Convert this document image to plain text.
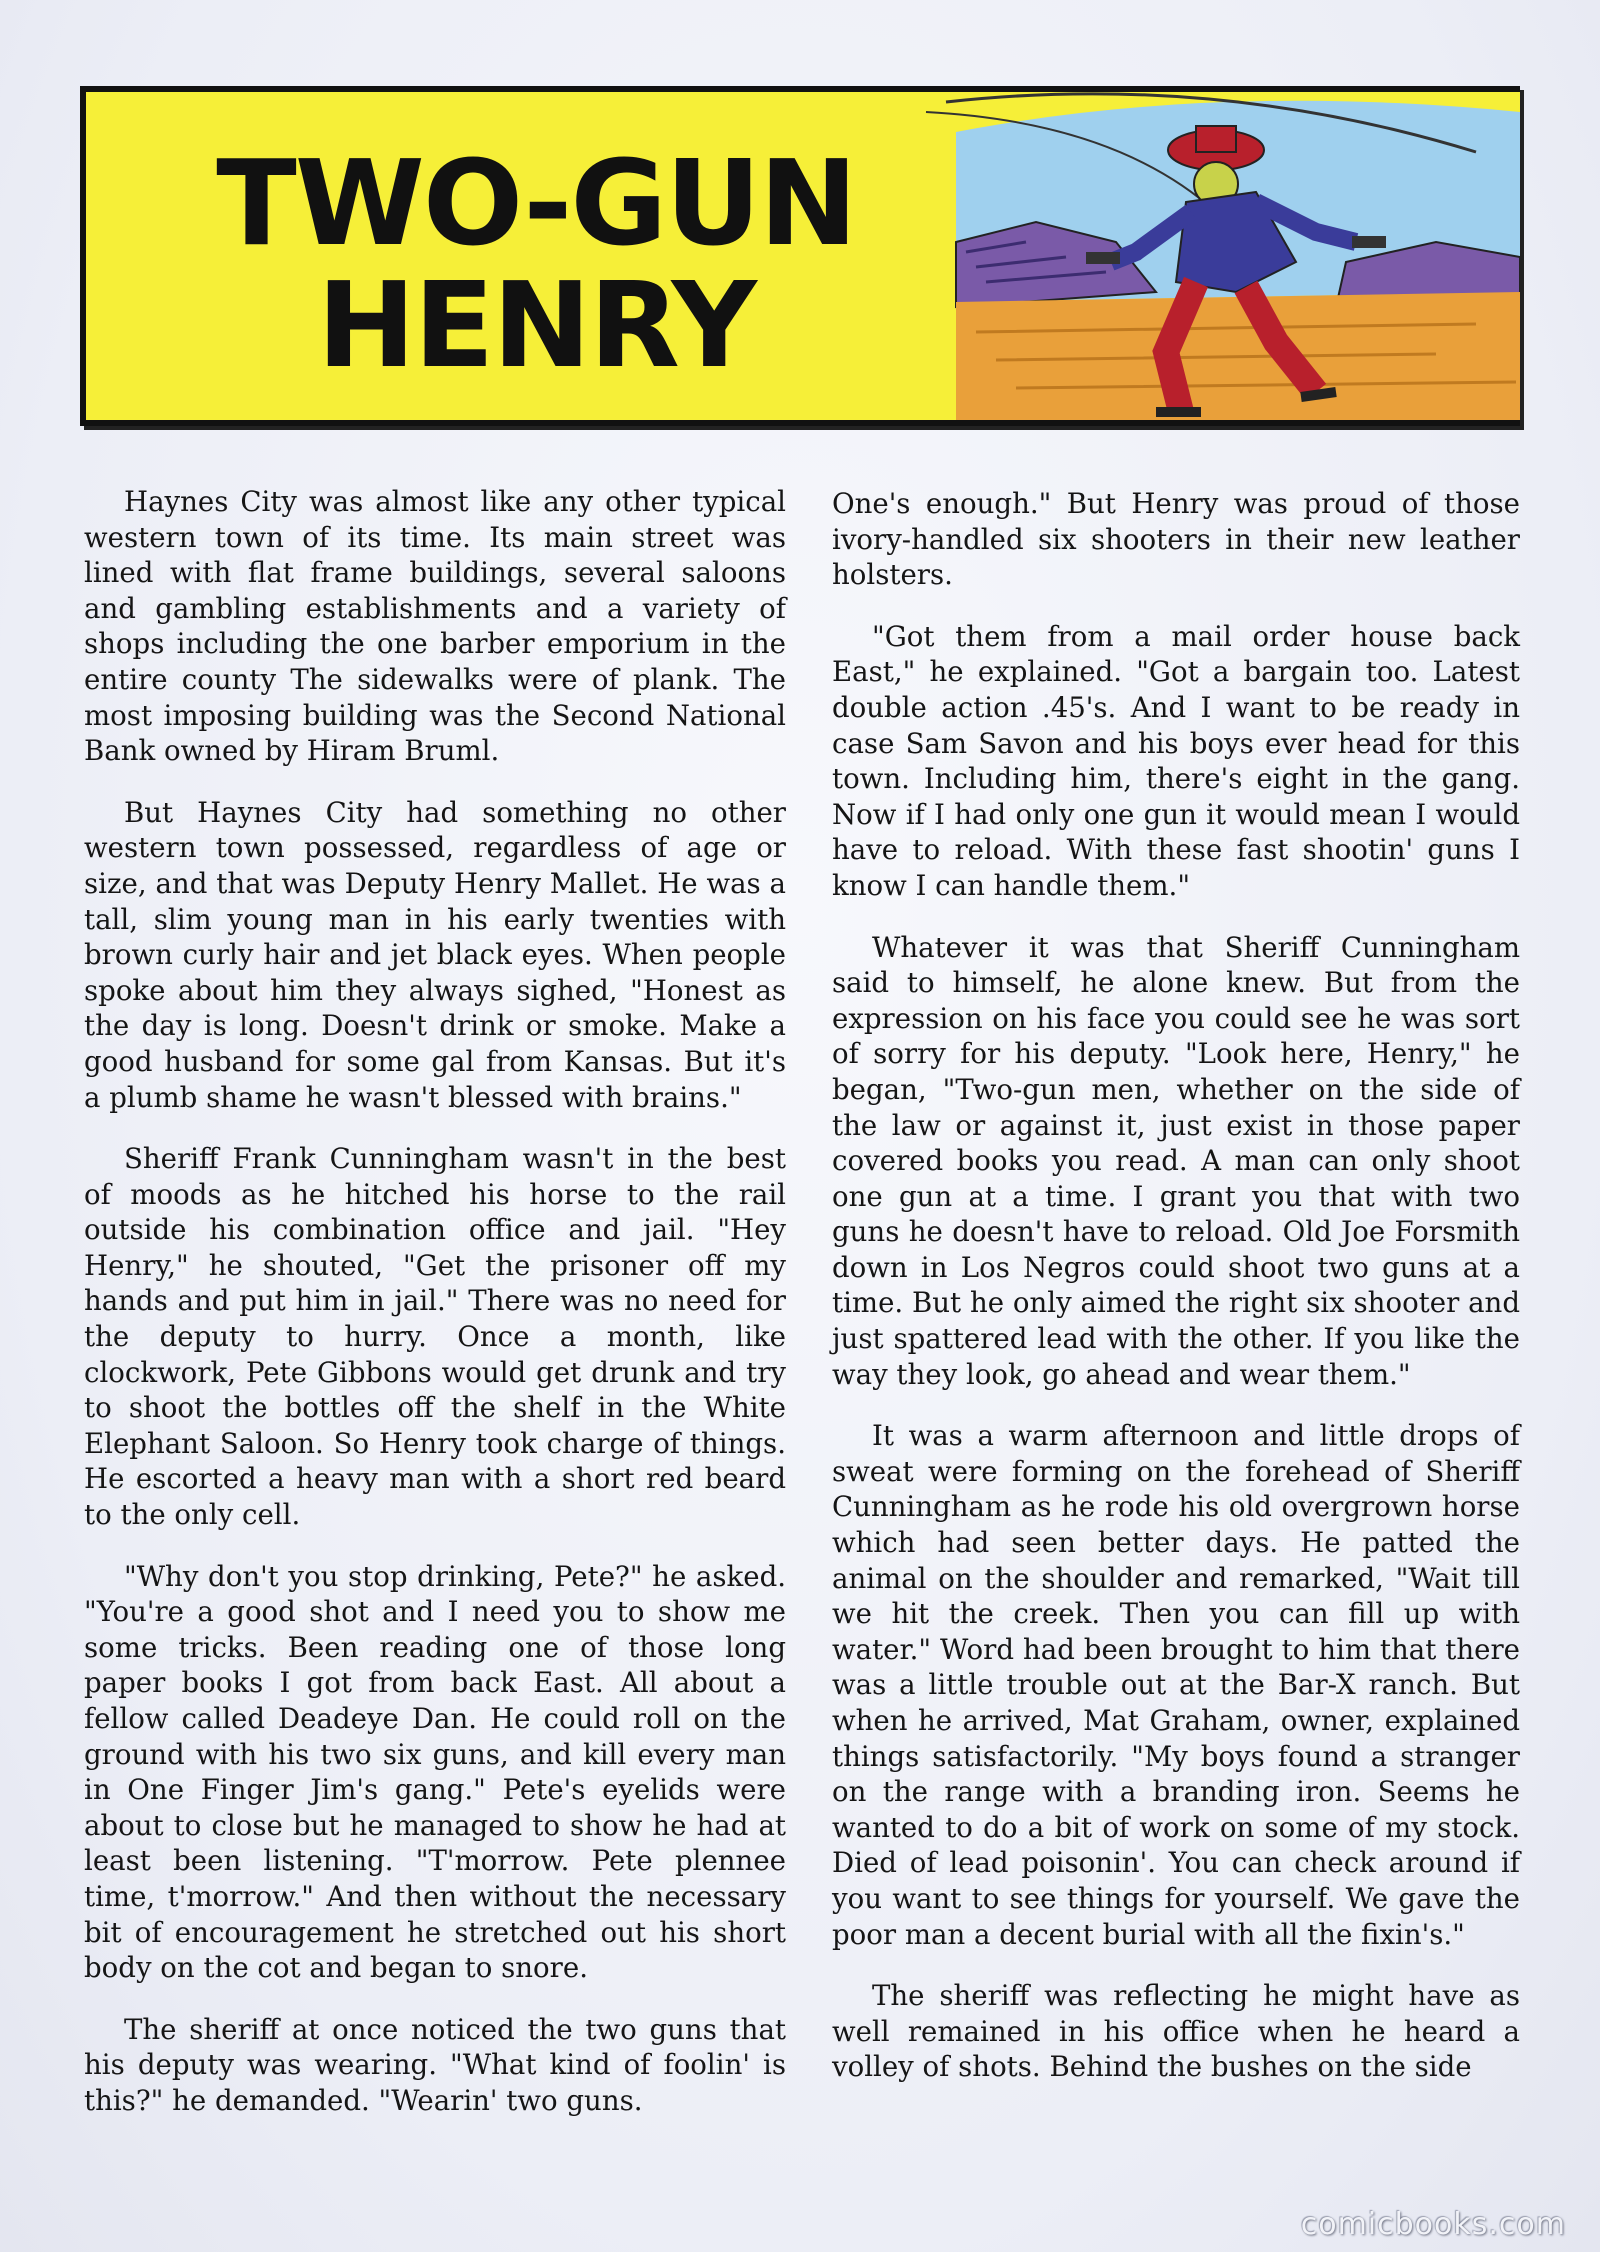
TWO-GUN
HENRY

Haynes City was almost like any other typical western town of its time. Its main street was lined with flat frame buildings, several saloons and gambling establishments and a variety of shops including the one barber emporium in the entire county The sidewalks were of plank. The most imposing building was the Second National Bank owned by Hiram Bruml.

But Haynes City had something no other western town possessed, regardless of age or size, and that was Deputy Henry Mallet. He was a tall, slim young man in his early twenties with brown curly hair and jet black eyes. When people spoke about him they always sighed, "Honest as the day is long. Doesn't drink or smoke. Make a good husband for some gal from Kansas. But it's a plumb shame he wasn't blessed with brains."

Sheriff Frank Cunningham wasn't in the best of moods as he hitched his horse to the rail outside his combination office and jail. "Hey Henry," he shouted, "Get the prisoner off my hands and put him in jail." There was no need for the deputy to hurry. Once a month, like clockwork, Pete Gibbons would get drunk and try to shoot the bottles off the shelf in the White Elephant Saloon. So Henry took charge of things. He escorted a heavy man with a short red beard to the only cell.

"Why don't you stop drinking, Pete?" he asked. "You're a good shot and I need you to show me some tricks. Been reading one of those long paper books I got from back East. All about a fellow called Deadeye Dan. He could roll on the ground with his two six guns, and kill every man in One Finger Jim's gang." Pete's eyelids were about to close but he managed to show he had at least been listening. "T'morrow. Pete plennee time, t'morrow." And then without the necessary bit of encouragement he stretched out his short body on the cot and began to snore.

The sheriff at once noticed the two guns that his deputy was wearing. "What kind of foolin' is this?" he demanded. "Wearin' two guns.

One's enough." But Henry was proud of those ivory-handled six shooters in their new leather holsters.

"Got them from a mail order house back East," he explained. "Got a bargain too. Latest double action .45's. And I want to be ready in case Sam Savon and his boys ever head for this town. Including him, there's eight in the gang. Now if I had only one gun it would mean I would have to reload. With these fast shootin' guns I know I can handle them."

Whatever it was that Sheriff Cunningham said to himself, he alone knew. But from the expression on his face you could see he was sort of sorry for his deputy. "Look here, Henry," he began, "Two-gun men, whether on the side of the law or against it, just exist in those paper covered books you read. A man can only shoot one gun at a time. I grant you that with two guns he doesn't have to reload. Old Joe Forsmith down in Los Negros could shoot two guns at a time. But he only aimed the right six shooter and just spattered lead with the other. If you like the way they look, go ahead and wear them."

It was a warm afternoon and little drops of sweat were forming on the forehead of Sheriff Cunningham as he rode his old overgrown horse which had seen better days. He patted the animal on the shoulder and remarked, "Wait till we hit the creek. Then you can fill up with water." Word had been brought to him that there was a little trouble out at the Bar-X ranch. But when he arrived, Mat Graham, owner, explained things satisfactorily. "My boys found a stranger on the range with a branding iron. Seems he wanted to do a bit of work on some of my stock. Died of lead poisonin'. You can check around if you want to see things for yourself. We gave the poor man a decent burial with all the fixin's."

The sheriff was reflecting he might have as well remained in his office when he heard a volley of shots. Behind the bushes on the side

comicbooks.com
